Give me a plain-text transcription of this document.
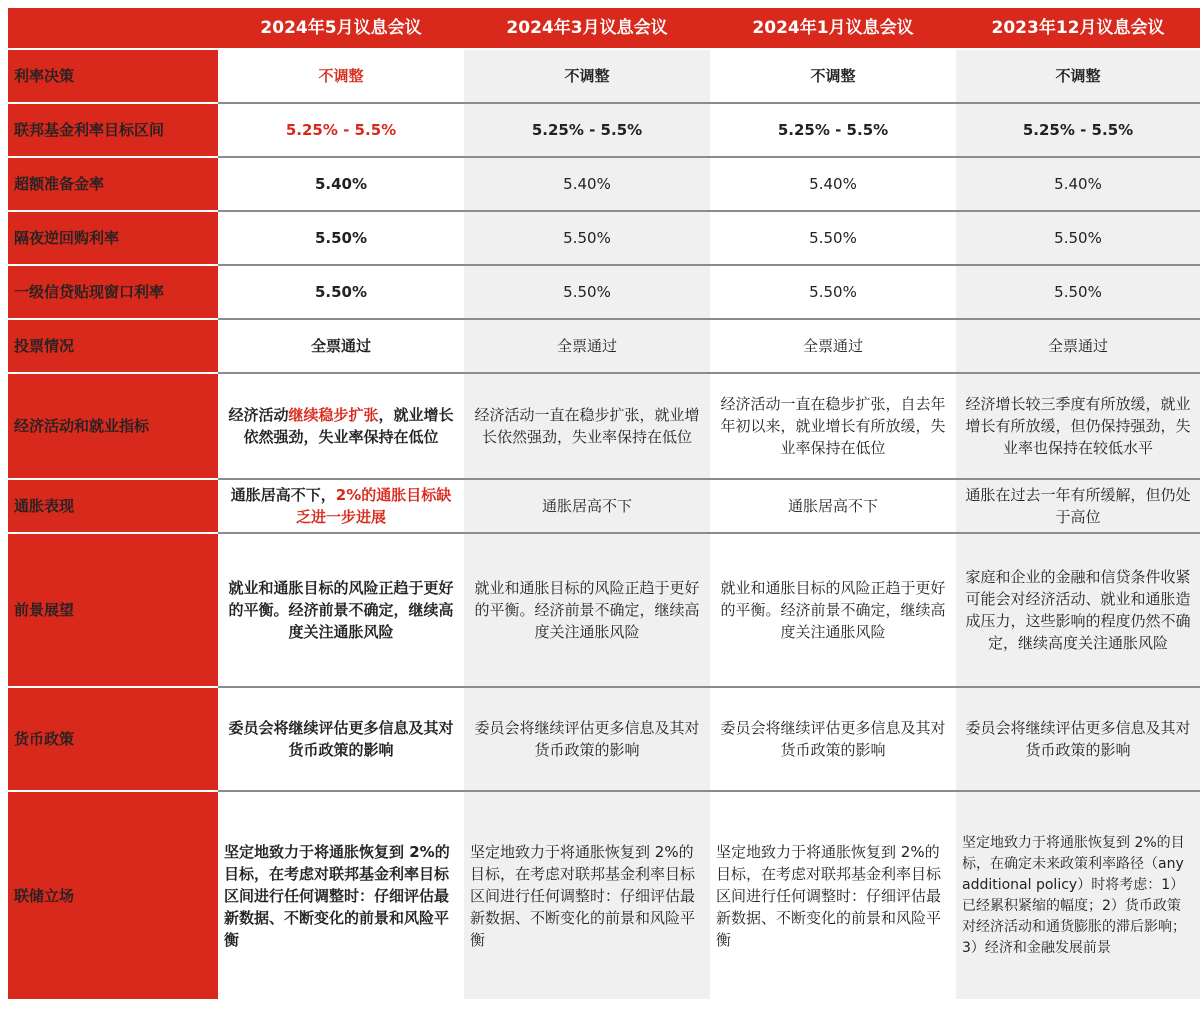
	2024年5月议息会议	2024年3月议息会议	2024年1月议息会议	2023年12月议息会议
利率决策	不调整	不调整	不调整	不调整
联邦基金利率目标区间	5.25% - 5.5%	5.25% - 5.5%	5.25% - 5.5%	5.25% - 5.5%
超额准备金率	5.40%	5.40%	5.40%	5.40%
隔夜逆回购利率	5.50%	5.50%	5.50%	5.50%
一级信贷贴现窗口利率	5.50%	5.50%	5.50%	5.50%
投票情况	全票通过	全票通过	全票通过	全票通过
经济活动和就业指标	经济活动继续稳步扩张，就业增长依然强劲，失业率保持在低位	经济活动一直在稳步扩张，就业增长依然强劲，失业率保持在低位	经济活动一直在稳步扩张，自去年年初以来，就业增长有所放缓，失业率保持在低位	经济增长较三季度有所放缓，就业增长有所放缓，但仍保持强劲，失业率也保持在较低水平
通胀表现	通胀居高不下，2%的通胀目标缺乏进一步进展	通胀居高不下	通胀居高不下	通胀在过去一年有所缓解，但仍处于高位
前景展望	就业和通胀目标的风险正趋于更好的平衡。经济前景不确定，继续高度关注通胀风险	就业和通胀目标的风险正趋于更好的平衡。经济前景不确定，继续高度关注通胀风险	就业和通胀目标的风险正趋于更好的平衡。经济前景不确定，继续高度关注通胀风险	家庭和企业的金融和信贷条件收紧可能会对经济活动、就业和通胀造成压力，这些影响的程度仍然不确定，继续高度关注通胀风险
货币政策	委员会将继续评估更多信息及其对货币政策的影响	委员会将继续评估更多信息及其对货币政策的影响	委员会将继续评估更多信息及其对货币政策的影响	委员会将继续评估更多信息及其对货币政策的影响
联储立场	坚定地致力于将通胀恢复到 2%的目标，在考虑对联邦基金利率目标区间进行任何调整时：仔细评估最新数据、不断变化的前景和风险平衡	坚定地致力于将通胀恢复到 2%的目标，在考虑对联邦基金利率目标区间进行任何调整时：仔细评估最新数据、不断变化的前景和风险平衡	坚定地致力于将通胀恢复到 2%的目标，在考虑对联邦基金利率目标区间进行任何调整时：仔细评估最新数据、不断变化的前景和风险平衡	坚定地致力于将通胀恢复到 2%的目标，在确定未来政策利率路径（any additional policy）时将考虑：1）已经累积紧缩的幅度；2）货币政策对经济活动和通货膨胀的滞后影响；3）经济和金融发展前景
